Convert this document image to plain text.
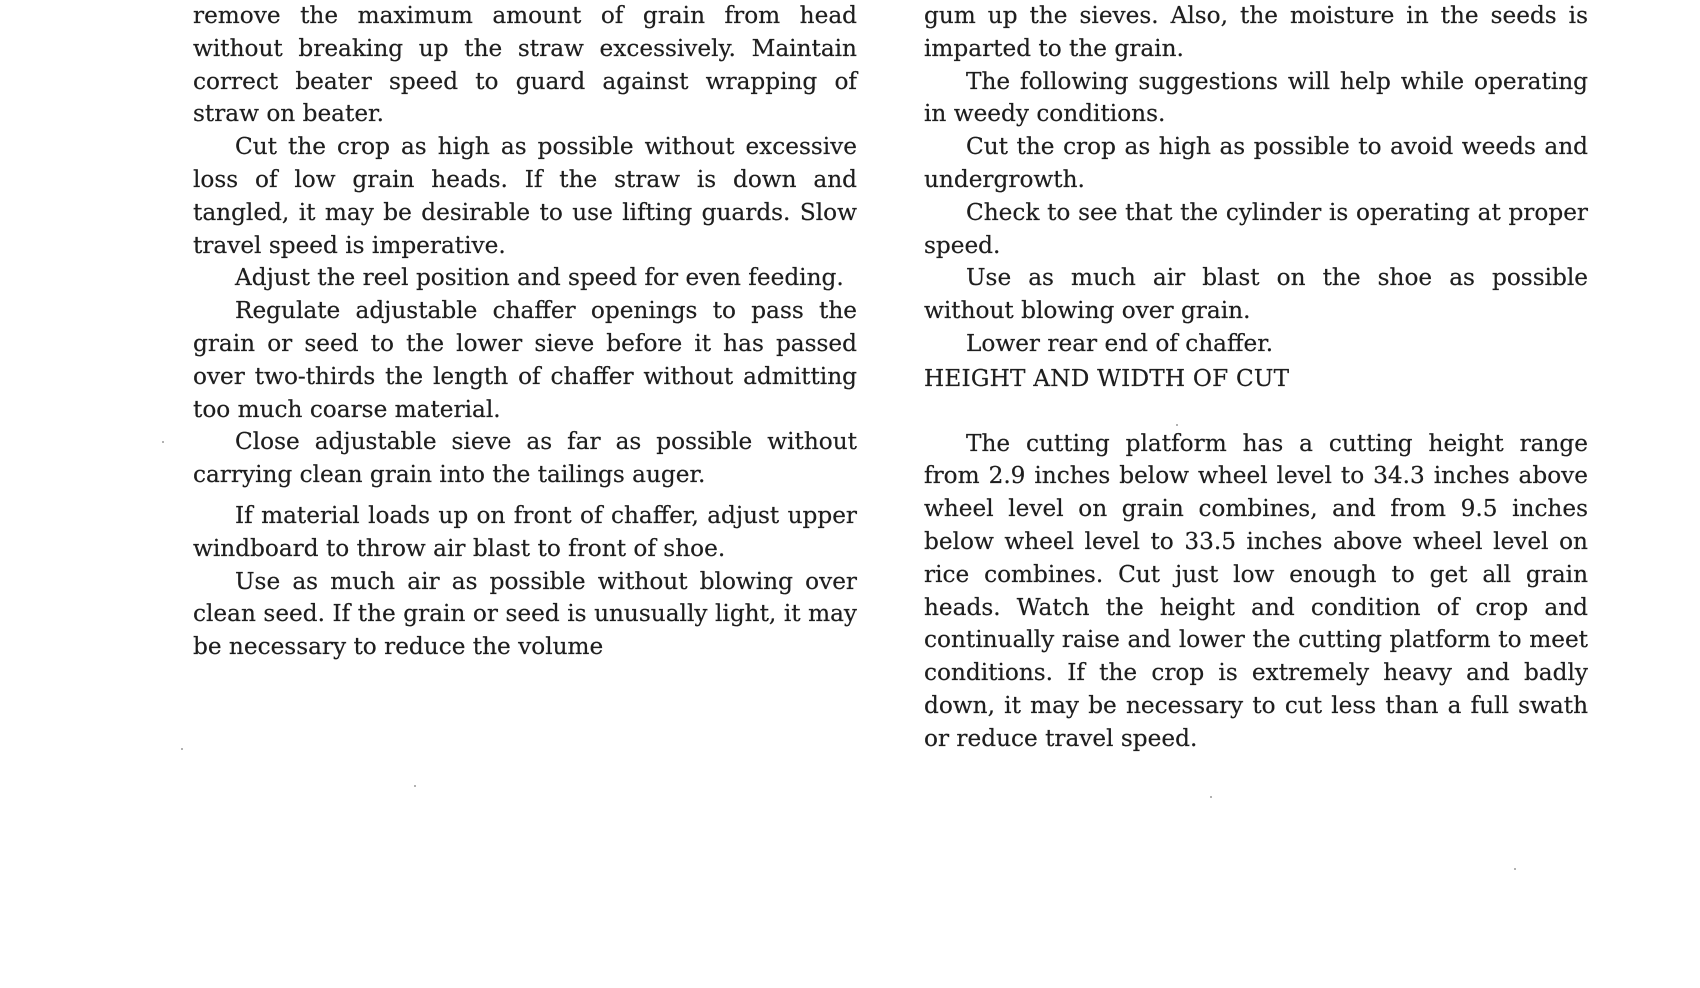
remove the maximum amount of grain from head without breaking up the straw excessively. Maintain correct beater speed to guard against wrapping of straw on beater.

Cut the crop as high as possible without excessive loss of low grain heads. If the straw is down and tangled, it may be desirable to use lifting guards. Slow travel speed is imperative.

Adjust the reel position and speed for even feeding.

Regulate adjustable chaffer openings to pass the grain or seed to the lower sieve before it has passed over two-thirds the length of chaffer without admitting too much coarse material.

Close adjustable sieve as far as possible without carrying clean grain into the tailings auger.

If material loads up on front of chaffer, adjust upper windboard to throw air blast to front of shoe.

Use as much air as possible without blowing over clean seed. If the grain or seed is unusually light, it may be necessary to reduce the volume

gum up the sieves. Also, the moisture in the seeds is imparted to the grain.

The following suggestions will help while operating in weedy conditions.

Cut the crop as high as possible to avoid weeds and undergrowth.

Check to see that the cylinder is operating at proper speed.

Use as much air blast on the shoe as possible without blowing over grain.

Lower rear end of chaffer.

HEIGHT AND WIDTH OF CUT

The cutting platform has a cutting height range from 2.9 inches below wheel level to 34.3 inches above wheel level on grain combines, and from 9.5 inches below wheel level to 33.5 inches above wheel level on rice combines. Cut just low enough to get all grain heads. Watch the height and condition of crop and continually raise and lower the cutting platform to meet conditions. If the crop is extremely heavy and badly down, it may be necessary to cut less than a full swath or reduce travel speed.
